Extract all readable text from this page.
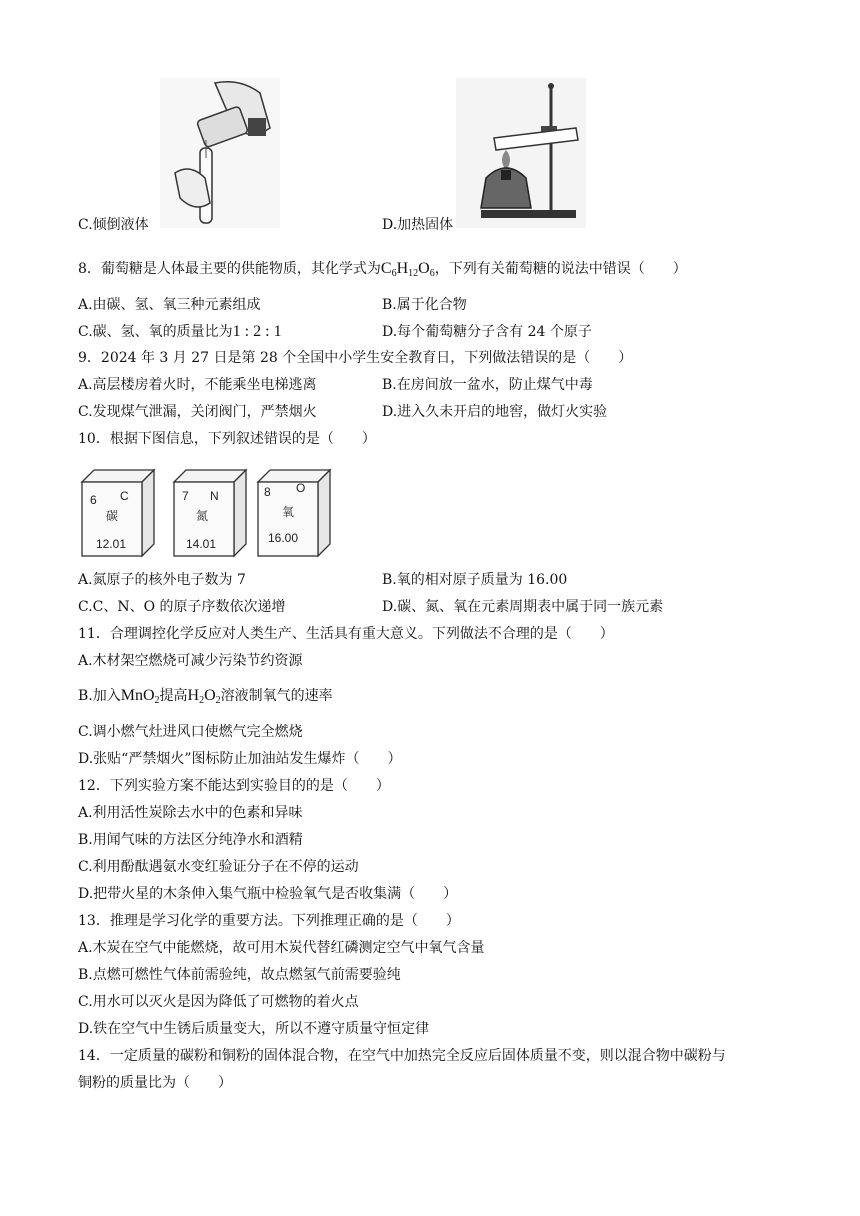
C.倾倒液体	D.加热固体
8．葡萄糖是人体最主要的供能物质，其化学式为$C_6H_{12}O_6$，下列有关葡萄糖的说法中错误（　　）
A.由碳、氢、氧三种元素组成	B.属于化合物
C.碳、氢、氧的质量比为1 : 2 : 1	D.每个葡萄糖分子含有 24 个原子
9．2024 年 3 月 27 日是第 28 个全国中小学生安全教育日，下列做法错误的是（　　）
A.高层楼房着火时，不能乘坐电梯逃离	B.在房间放一盆水，防止煤气中毒
C.发现煤气泄漏，关闭阀门，严禁烟火	D.进入久未开启的地窖，做灯火实验
10．根据下图信息，下列叙述错误的是（　　）
6 C
碳
12.01
7 N
氮
14.01
8 O
氧
16.00
A.氮原子的核外电子数为 7	B.氧的相对原子质量为 16.00
C.C、N、O 的原子序数依次递增	D.碳、氮、氧在元素周期表中属于同一族元素
11．合理调控化学反应对人类生产、生活具有重大意义。下列做法不合理的是（　　）
A.木材架空燃烧可减少污染节约资源
B.加入MnO$_2$提高$H_2O_2$溶液制氧气的速率
C.调小燃气灶进风口使燃气完全燃烧
D.张贴“严禁烟火”图标防止加油站发生爆炸（　　）
12．下列实验方案不能达到实验目的的是（　　）
A.利用活性炭除去水中的色素和异味
B.用闻气味的方法区分纯净水和酒精
C.利用酚酞遇氨水变红验证分子在不停的运动
D.把带火星的木条伸入集气瓶中检验氧气是否收集满（　　）
13．推理是学习化学的重要方法。下列推理正确的是（　　）
A.木炭在空气中能燃烧，故可用木炭代替红磷测定空气中氧气含量
B.点燃可燃性气体前需验纯，故点燃氢气前需要验纯
C.用水可以灭火是因为降低了可燃物的着火点
D.铁在空气中生锈后质量变大，所以不遵守质量守恒定律
14．一定质量的碳粉和铜粉的固体混合物，在空气中加热完全反应后固体质量不变，则以混合物中碳粉与
铜粉的质量比为（　　）
